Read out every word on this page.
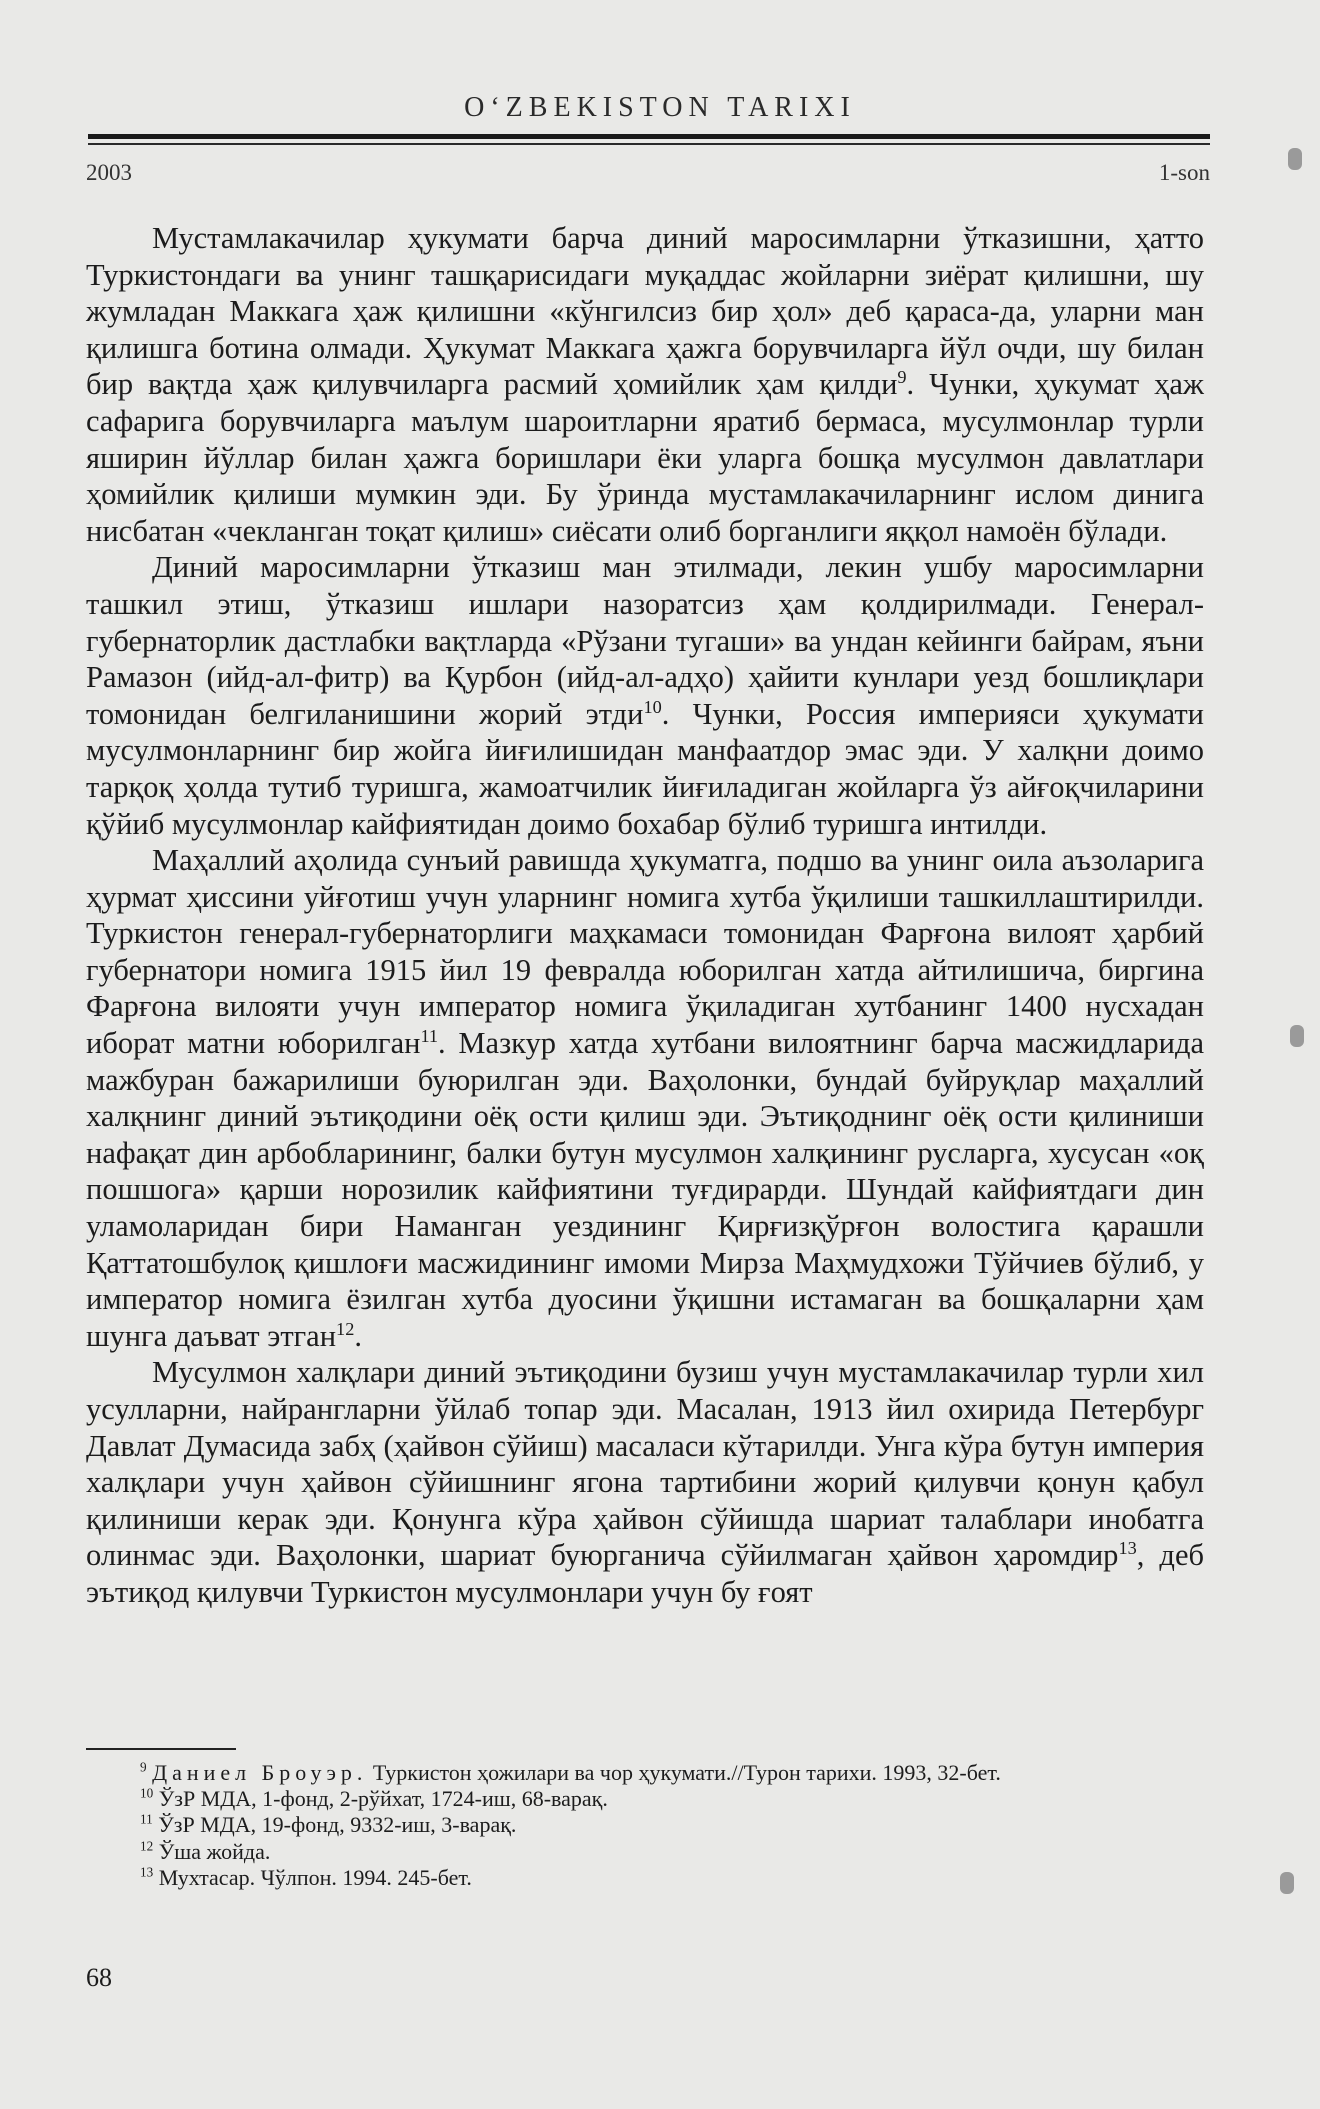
O‘ZBEKISTON TARIXI
2003	1-son

Мустамлакачилар ҳукумати барча диний маросимларни ўтказишни, ҳатто Туркистондаги ва унинг ташқарисидаги муқаддас жойларни зиёрат қилишни, шу жумладан Маккага ҳаж қилишни «кўнгилсиз бир ҳол» деб қараса-да, уларни ман қилишга ботина олмади. Ҳукумат Маккага ҳажга борувчиларга йўл очди, шу билан бир вақтда ҳаж қилувчиларга расмий ҳомийлик ҳам қилди$^9$. Чунки, ҳукумат ҳаж сафарига борувчиларга маълум шароитларни яратиб бермаса, мусулмонлар турли яширин йўллар билан ҳажга боришлари ёки уларга бошқа мусулмон давлатлари ҳомийлик қилиши мумкин эди. Бу ўринда мустамлакачиларнинг ислом динига нисбатан «чекланган тоқат қилиш» сиёсати олиб борганлиги яққол намоён бўлади.

Диний маросимларни ўтказиш ман этилмади, лекин ушбу маросимларни ташкил этиш, ўтказиш ишлари назоратсиз ҳам қолдирилмади. Генерал-губернаторлик дастлабки вақтларда «Рўзани тугаши» ва ундан кейинги байрам, яъни Рамазон (ийд-ал-фитр) ва Қурбон (ийд-ал-адҳо) ҳайити кунлари уезд бошлиқлари томонидан белгиланишини жорий этди$^{10}$. Чунки, Россия империяси ҳукумати мусулмонларнинг бир жойга йиғилишидан манфаатдор эмас эди. У халқни доимо тарқоқ ҳолда тутиб туришга, жамоатчилик йиғиладиган жойларга ўз айғоқчиларини қўйиб мусулмонлар кайфиятидан доимо бохабар бўлиб туришга интилди.

Маҳаллий аҳолида сунъий равишда ҳукуматга, подшо ва унинг оила аъзоларига ҳурмат ҳиссини уйғотиш учун уларнинг номига хутба ўқилиши ташкиллаштирилди. Туркистон генерал-губернаторлиги маҳкамаси томонидан Фарғона вилоят ҳарбий губернатори номига 1915 йил 19 февралда юборилган хатда айтилишича, биргина Фарғона вилояти учун император номига ўқиладиган хутбанинг 1400 нусхадан иборат матни юборилган$^{11}$. Мазкур хатда хутбани вилоятнинг барча масжидларида мажбуран бажарилиши буюрилган эди. Ваҳолонки, бундай буйруқлар маҳаллий халқнинг диний эътиқодини оёқ ости қилиш эди. Эътиқоднинг оёқ ости қилиниши нафақат дин арбобларининг, балки бутун мусулмон халқининг русларга, хусусан «оқ пошшога» қарши норозилик кайфиятини туғдирарди. Шундай кайфиятдаги дин уламоларидан бири Наманган уездининг Қирғизқўрғон волостига қарашли Қаттатошбулоқ қишлоғи масжидининг имоми Мирза Маҳмудхожи Тўйчиев бўлиб, у император номига ёзилган хутба дуосини ўқишни истамаган ва бошқаларни ҳам шунга даъват этган$^{12}$.

Мусулмон халқлари диний эътиқодини бузиш учун мустамлакачилар турли хил усулларни, найрангларни ўйлаб топар эди. Масалан, 1913 йил охирида Петербург Давлат Думасида забҳ (ҳайвон сўйиш) масаласи кўтарилди. Унга кўра бутун империя халқлари учун ҳайвон сўйишнинг ягона тартибини жорий қилувчи қонун қабул қилиниши керак эди. Қонунга кўра ҳайвон сўйишда шариат талаблари инобатга олинмас эди. Ваҳолонки, шариат буюрганича сўйилмаган ҳайвон ҳаромдир$^{13}$, деб эътиқод қилувчи Туркистон мусулмонлари учун бу ғоят

$^9$ Даниел Броуэр. Туркистон ҳожилари ва чор ҳукумати.//Турон тарихи. 1993, 32-бет.

$^{10}$ ЎзР МДА, 1-фонд, 2-рўйхат, 1724-иш, 68-варақ.

$^{11}$ ЎзР МДА, 19-фонд, 9332-иш, 3-варақ.

$^{12}$ Ўша жойда.

$^{13}$ Мухтасар. Чўлпон. 1994. 245-бет.

68
